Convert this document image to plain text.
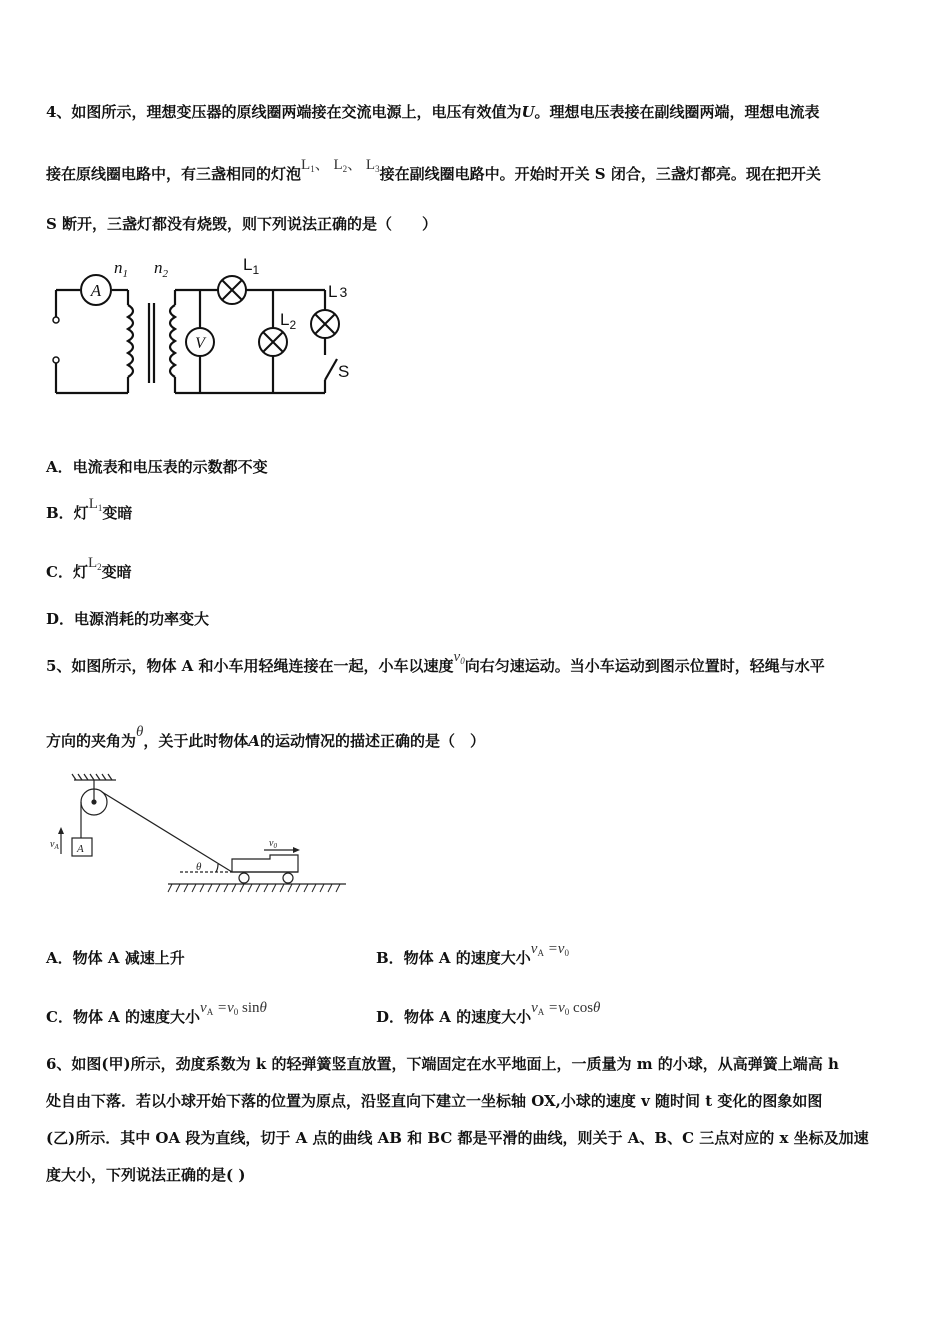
4、如图所示，理想变压器的原线圈两端接在交流电源上，电压有效值为U。理想电压表接在副线圈两端，理想电流表
接在原线圈电路中，有三盏相同的灯泡$L_1$、 $L_2$、 $L_3$接在副线圈电路中。开始时开关 S 闭合，三盏灯都亮。现在把开关
S 断开，三盏灯都没有烧毁，则下列说法正确的是（　　）
A
V
$n_1$ $n_2$	$L_1$
$L_2$
L 3
S
A．电流表和电压表的示数都不变
B．灯$L_1$变暗
C．灯$L_2$变暗
D．电源消耗的功率变大
5、如图所示，物体 A 和小车用轻绳连接在一起，小车以速度$v_0$向右匀速运动。当小车运动到图示位置时，轻绳与水平
方向的夹角为θ，关于此时物体A的运动情况的描述正确的是（　）
$v_A$ A
θ
$v_0$
A．物体 A 减速上升	B．物体 A 的速度大小$v_A =v_0$
C．物体 A 的速度大小$v_A =v_0$ sinθ	D．物体 A 的速度大小$v_A =v_0$ cosθ
6、如图(甲)所示，劲度系数为 k 的轻弹簧竖直放置，下端固定在水平地面上，一质量为 m 的小球，从高弹簧上端高 h
处自由下落．若以小球开始下落的位置为原点，沿竖直向下建立一坐标轴 OX,小球的速度 v 随时间 t 变化的图象如图
(乙)所示．其中 OA 段为直线，切于 A 点的曲线 AB 和 BC 都是平滑的曲线，则关于 A、B、C 三点对应的 x 坐标及加速
度大小，下列说法正确的是( )
